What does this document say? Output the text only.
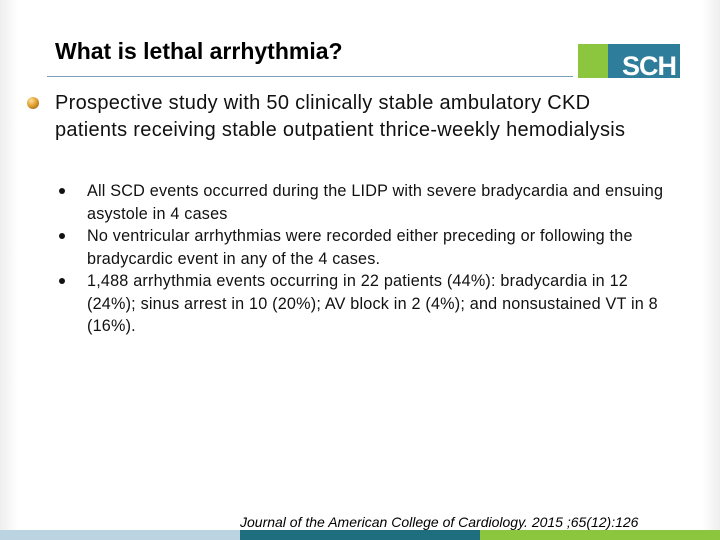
What is lethal arrhythmia?	SCH
Prospective study with 50 clinically stable ambulatory CKD patients receiving stable outpatient thrice-weekly hemodialysis
All SCD events occurred during the LIDP with severe bradycardia and ensuing asystole in 4 cases
No ventricular arrhythmias were recorded either preceding or following the bradycardic event in any of the 4 cases.
1,488 arrhythmia events occurring in 22 patients (44%): bradycardia in 12 (24%); sinus arrest in 10 (20%); AV block in 2 (4%); and nonsustained VT in 8 (16%).
Journal of the American College of Cardiology. 2015 ;65(12):126
